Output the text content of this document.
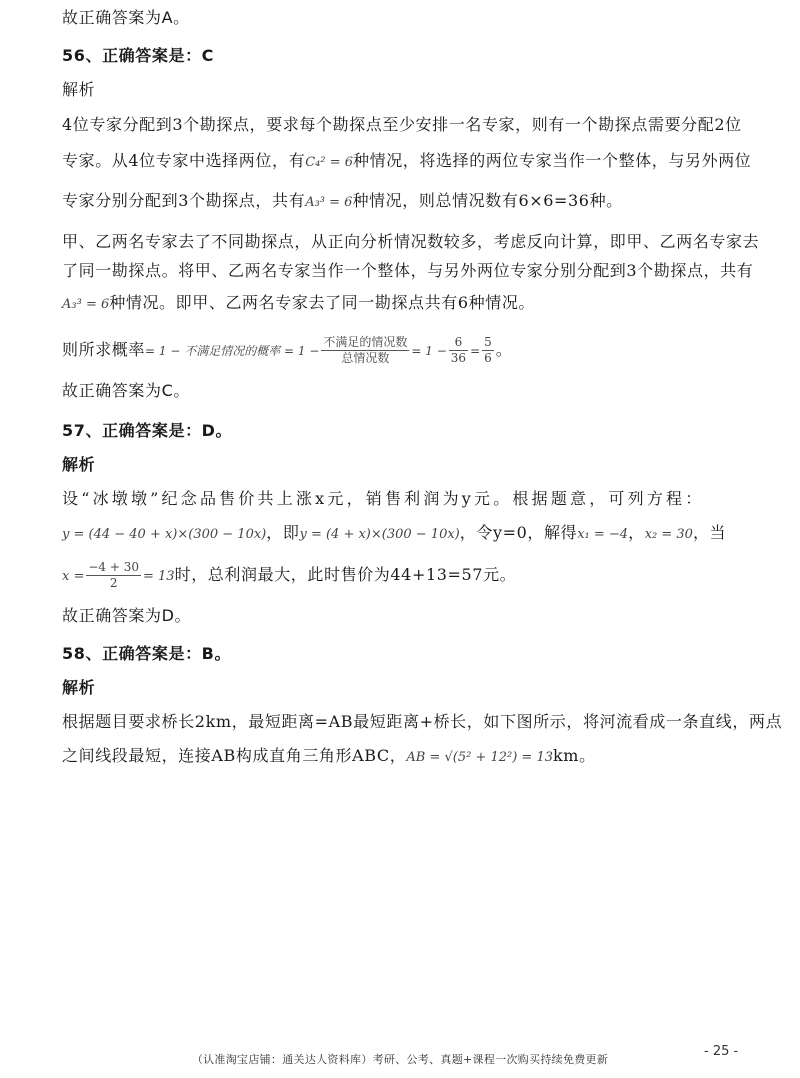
故正确答案为A。
56、正确答案是：C
解析
4位专家分配到3个勘探点，要求每个勘探点至少安排一名专家，则有一个勘探点需要分配2位
专家。从4位专家中选择两位，有C₄² = 6种情况，将选择的两位专家当作一个整体，与另外两位
专家分别分配到3个勘探点，共有A₃³ = 6种情况，则总情况数有6×6=36种。
甲、乙两名专家去了不同勘探点，从正向分析情况数较多，考虑反向计算，即甲、乙两名专家去
了同一勘探点。将甲、乙两名专家当作一个整体，与另外两位专家分别分配到3个勘探点，共有
A₃³ = 6种情况。即甲、乙两名专家去了同一勘探点共有6种情况。
则所求概率= 1 − 不满足情况的概率 = $1 - \frac{\text{不满足的情况数}}{\text{总情况数}} = 1 - \frac{6}{36} = \frac{5}{6}$ 。
故正确答案为C。
57、正确答案是：D。
解析
设“冰墩墩”纪念品售价共上涨x元，销售利润为y元。根据题意，可列方程：
y = (44 − 40 + x)×(300 − 10x)，即y = (4 + x)×(300 − 10x)，令y=0，解得x₁ = −4，x₂ = 30，当
$x = \frac{-4 + 30}{2} = 13$时，总利润最大，此时售价为44+13=57元。
故正确答案为D。
58、正确答案是：B。
解析
根据题目要求桥长2km，最短距离=AB最短距离+桥长，如下图所示，将河流看成一条直线，两点
之间线段最短，连接AB构成直角三角形ABC，AB = √(5² + 12²) = 13km。
（认准淘宝店铺：通关达人资料库）考研、公考、真题+课程一次购买持续免费更新
- 25 -
